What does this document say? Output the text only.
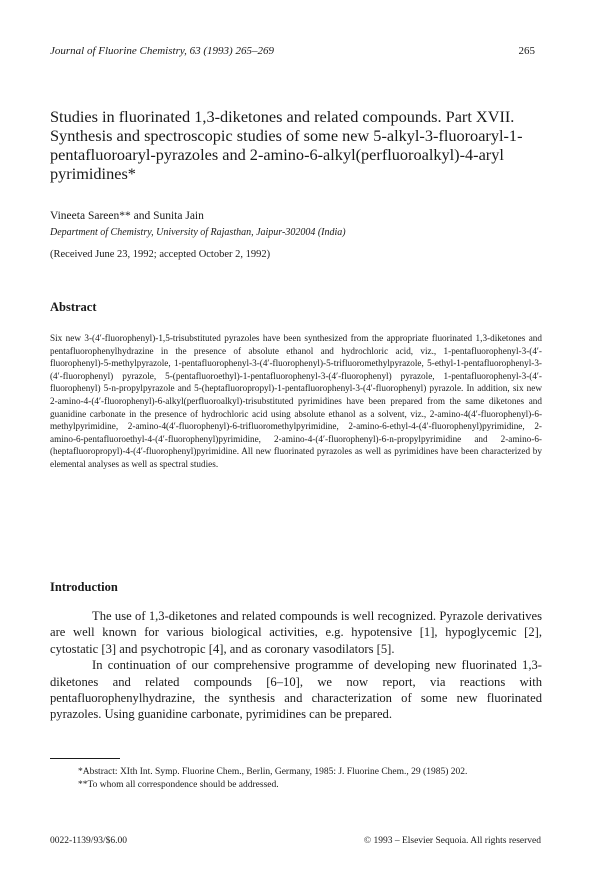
Journal of Fluorine Chemistry, 63 (1993) 265–269	265
Studies in fluorinated 1,3-diketones and related compounds. Part XVII. Synthesis and spectroscopic studies of some new 5-alkyl-3-fluoroaryl-1-pentafluoroaryl-pyrazoles and 2-amino-6-alkyl(perfluoroalkyl)-4-aryl pyrimidines*
Vineeta Sareen** and Sunita Jain
Department of Chemistry, University of Rajasthan, Jaipur-302004 (India)
(Received June 23, 1992; accepted October 2, 1992)
Abstract
Six new 3-(4′-fluorophenyl)-1,5-trisubstituted pyrazoles have been synthesized from the appropriate fluorinated 1,3-diketones and pentafluorophenylhydrazine in the presence of absolute ethanol and hydrochloric acid, viz., 1-pentafluorophenyl-3-(4′-fluorophenyl)-5-methylpyrazole, 1-pentafluorophenyl-3-(4′-fluorophenyl)-5-trifluoromethylpyrazole, 5-ethyl-1-pentafluorophenyl-3-(4′-fluorophenyl) pyrazole, 5-(pentafluoroethyl)-1-pentafluorophenyl-3-(4′-fluorophenyl) pyrazole, 1-pentafluorophenyl-3-(4′-fluorophenyl) 5-n-propylpyrazole and 5-(heptafluoropropyl)-1-pentafluorophenyl-3-(4′-fluorophenyl) pyrazole. In addition, six new 2-amino-4-(4′-fluorophenyl)-6-alkyl(perfluoroalkyl)-trisubstituted pyrimidines have been prepared from the same diketones and guanidine carbonate in the presence of hydrochloric acid using absolute ethanol as a solvent, viz., 2-amino-4(4′-fluorophenyl)-6-methylpyrimidine, 2-amino-4(4′-fluorophenyl)-6-trifluoromethylpyrimidine, 2-amino-6-ethyl-4-(4′-fluorophenyl)pyrimidine, 2-amino-6-pentafluoroethyl-4-(4′-fluorophenyl)pyrimidine, 2-amino-4-(4′-fluorophenyl)-6-n-propylpyrimidine and 2-amino-6-(heptafluoropropyl)-4-(4′-fluorophenyl)pyrimidine. All new fluorinated pyrazoles as well as pyrimidines have been characterized by elemental analyses as well as spectral studies.
Introduction

The use of 1,3-diketones and related compounds is well recognized. Pyrazole derivatives are well known for various biological activities, e.g. hypotensive [1], hypoglycemic [2], cytostatic [3] and psychotropic [4], and as coronary vasodilators [5].

In continuation of our comprehensive programme of developing new fluorinated 1,3-diketones and related compounds [6–10], we now report, via reactions with pentafluorophenylhydrazine, the synthesis and characterization of some new fluorinated pyrazoles. Using guanidine carbonate, pyrimidines can be prepared.

*Abstract: XIth Int. Symp. Fluorine Chem., Berlin, Germany, 1985: J. Fluorine Chem., 29 (1985) 202.
**To whom all correspondence should be addressed.
0022-1139/93/$6.00	© 1993 – Elsevier Sequoia. All rights reserved
